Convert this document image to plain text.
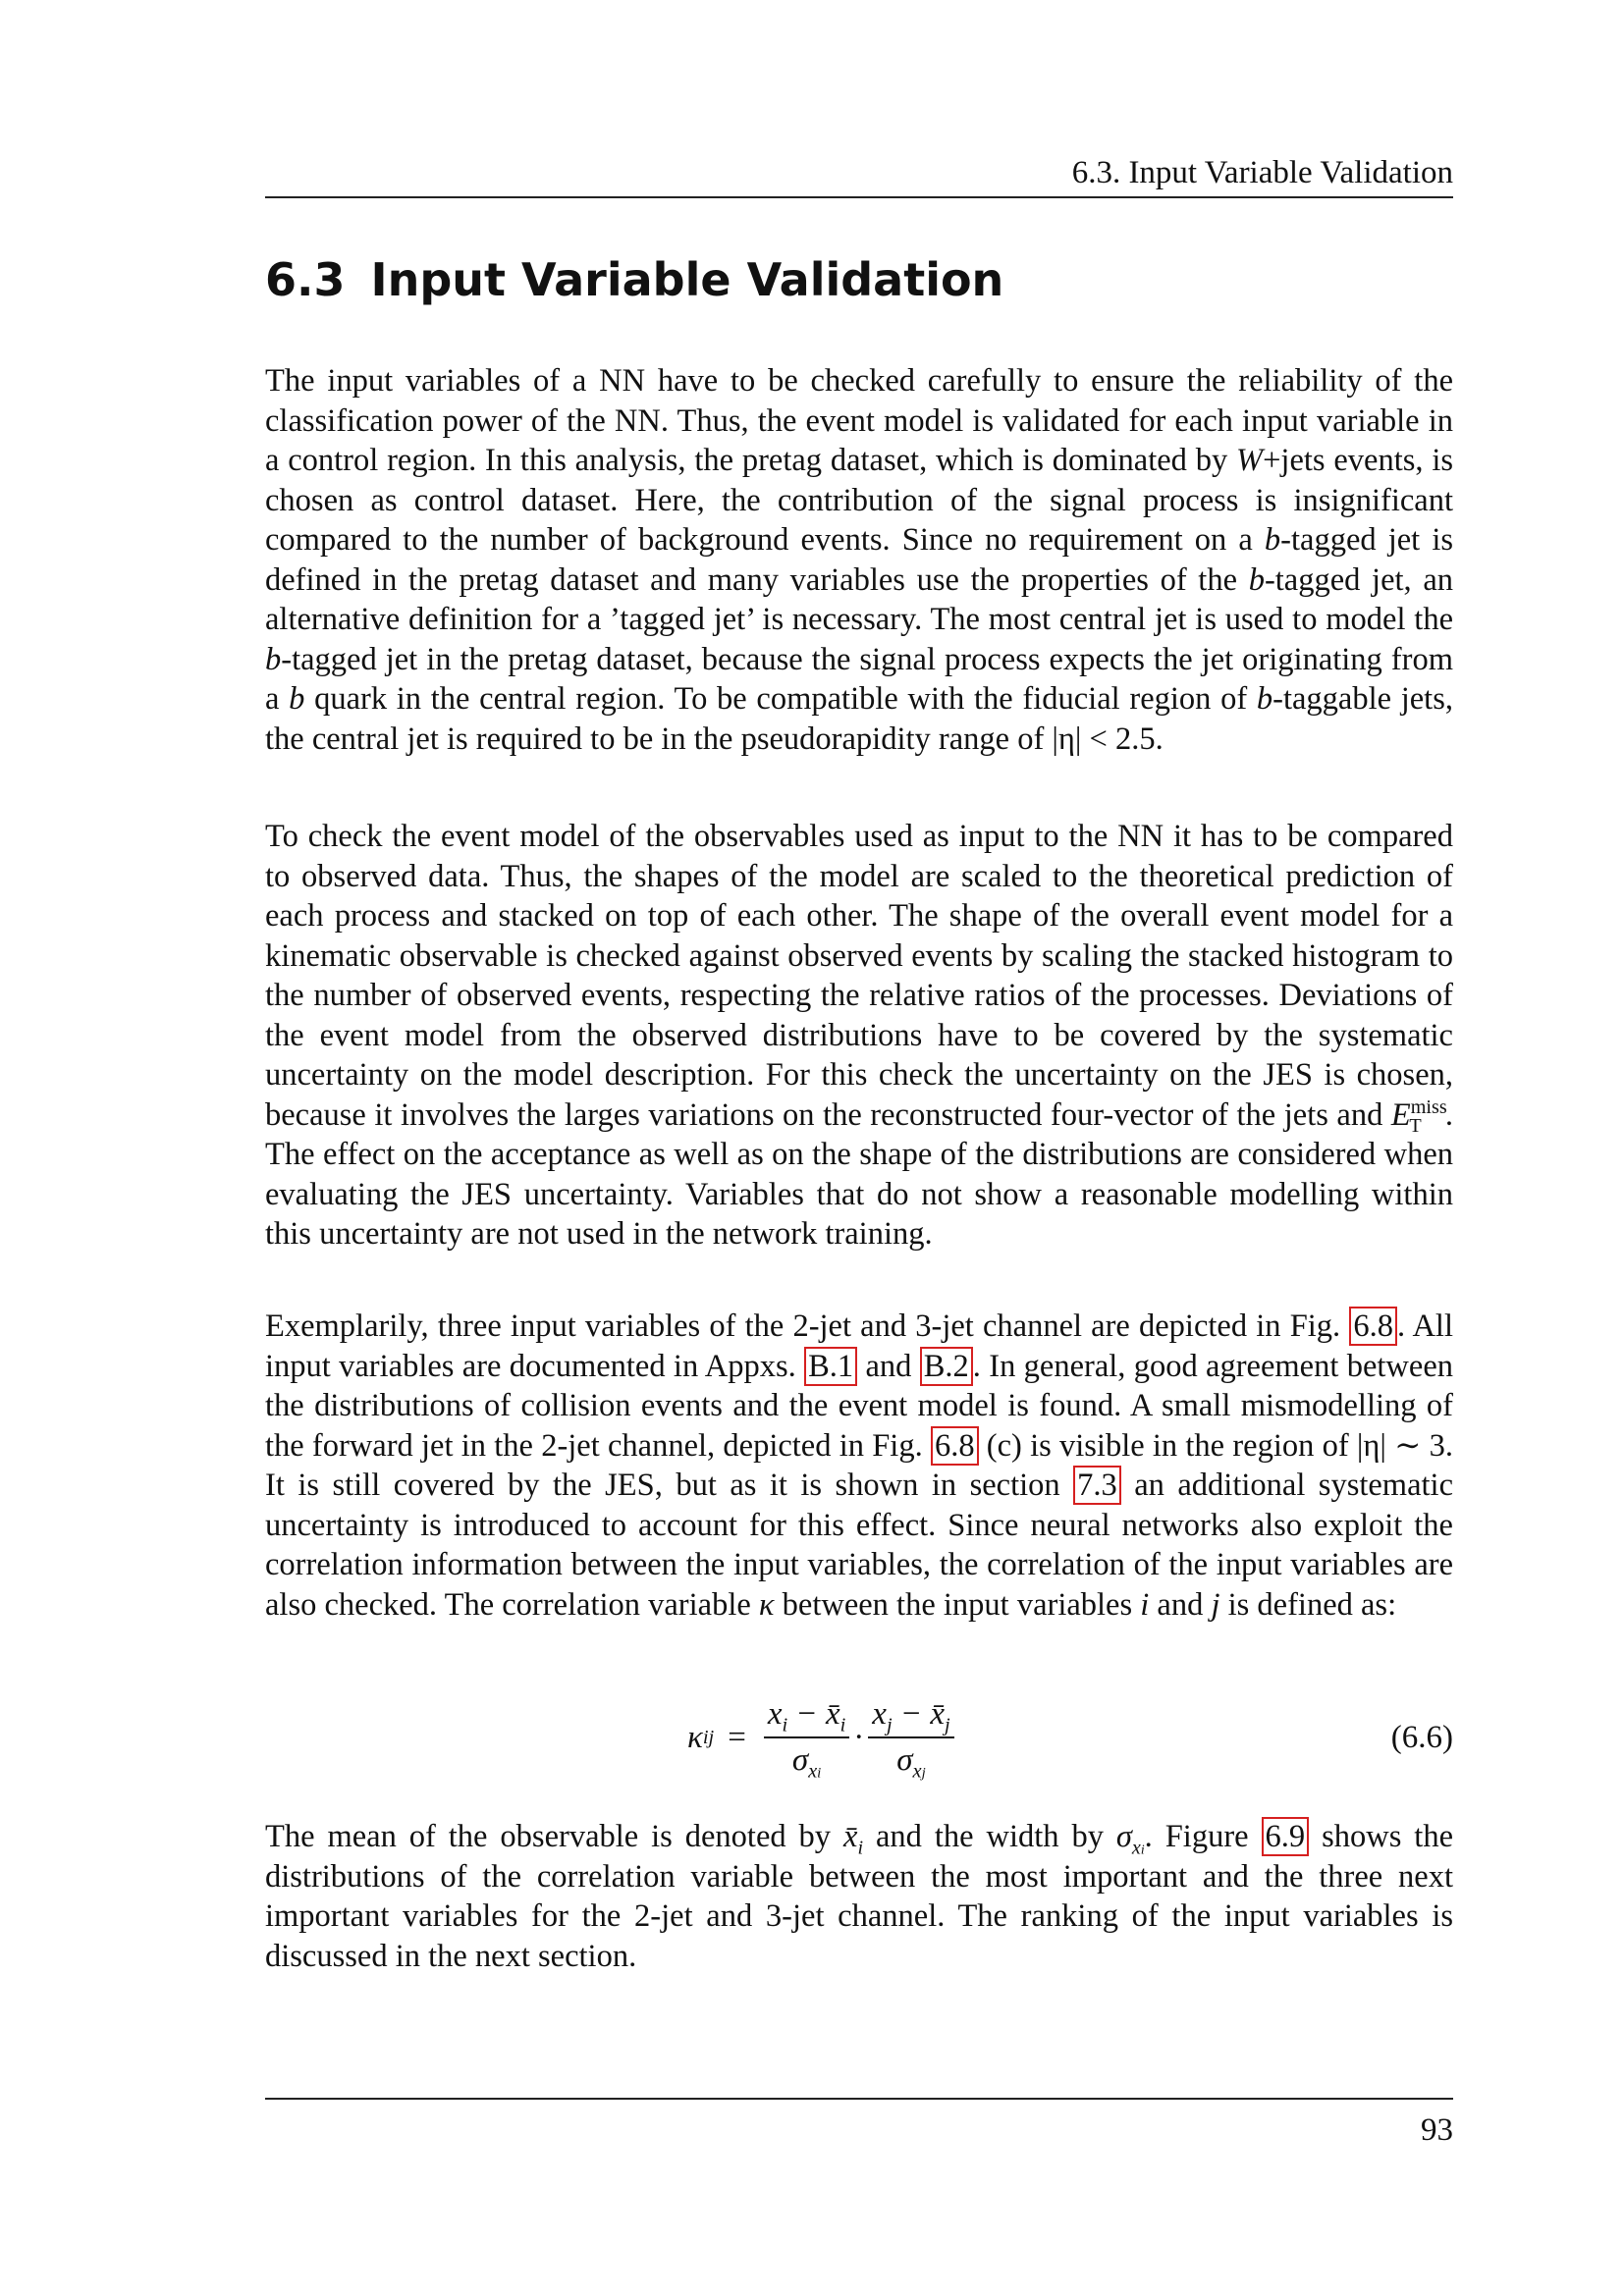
6.3. Input Variable Validation
6.3 Input Variable Validation

The input variables of a NN have to be checked carefully to ensure the reliability of the classification power of the NN. Thus, the event model is validated for each input variable in a control region. In this analysis, the pretag dataset, which is dominated by W+jets events, is chosen as control dataset. Here, the contribution of the signal process is insignificant compared to the number of background events. Since no requirement on a b-tagged jet is defined in the pretag dataset and many variables use the properties of the b-tagged jet, an alternative definition for a ’tagged jet’ is necessary. The most central jet is used to model the b-tagged jet in the pretag dataset, because the signal process expects the jet originating from a b quark in the central region. To be compatible with the fiducial region of b-taggable jets, the central jet is required to be in the pseudorapidity range of |η| < 2.5.

To check the event model of the observables used as input to the NN it has to be compared to observed data. Thus, the shapes of the model are scaled to the theoretical prediction of each process and stacked on top of each other. The shape of the overall event model for a kinematic observable is checked against observed events by scaling the stacked histogram to the number of observed events, respecting the relative ratios of the processes. Deviations of the event model from the observed distributions have to be covered by the systematic uncertainty on the model description. For this check the uncertainty on the JES is chosen, because it involves the larges variations on the reconstructed four-vector of the jets and $E^{miss}_T$ . The effect on the acceptance as well as on the shape of the distributions are considered when evaluating the JES uncertainty. Variables that do not show a reasonable modelling within this uncertainty are not used in the network training.

Exemplarily, three input variables of the 2-jet and 3-jet channel are depicted in Fig. 6.8 . All input variables are documented in Appxs. B.1 and B.2 . In general, good agreement between the distributions of collision events and the event model is found. A small mismodelling of the forward jet in the 2-jet channel, depicted in Fig. 6.8 (c) is visible in the region of |η| ∼ 3. It is still covered by the JES, but as it is shown in section 7.3 an additional systematic uncertainty is introduced to account for this effect. Since neural networks also exploit the correlation information between the input variables, the correlation of the input variables are also checked. The correlation variable κ between the input variables i and j is defined as:

κ ij = $\frac{x_i - x̄_i}{\sigma_{xi}} \cdot \frac{x_j - x̄_j}{\sigma_{xj}}$	(6.6)

The mean of the observable is denoted by $x̄_i$ and the width by $\sigma_{xi}$. Figure 6.9 shows the distributions of the correlation variable between the most important and the three next important variables for the 2-jet and 3-jet channel. The ranking of the input variables is discussed in the next section.

93
